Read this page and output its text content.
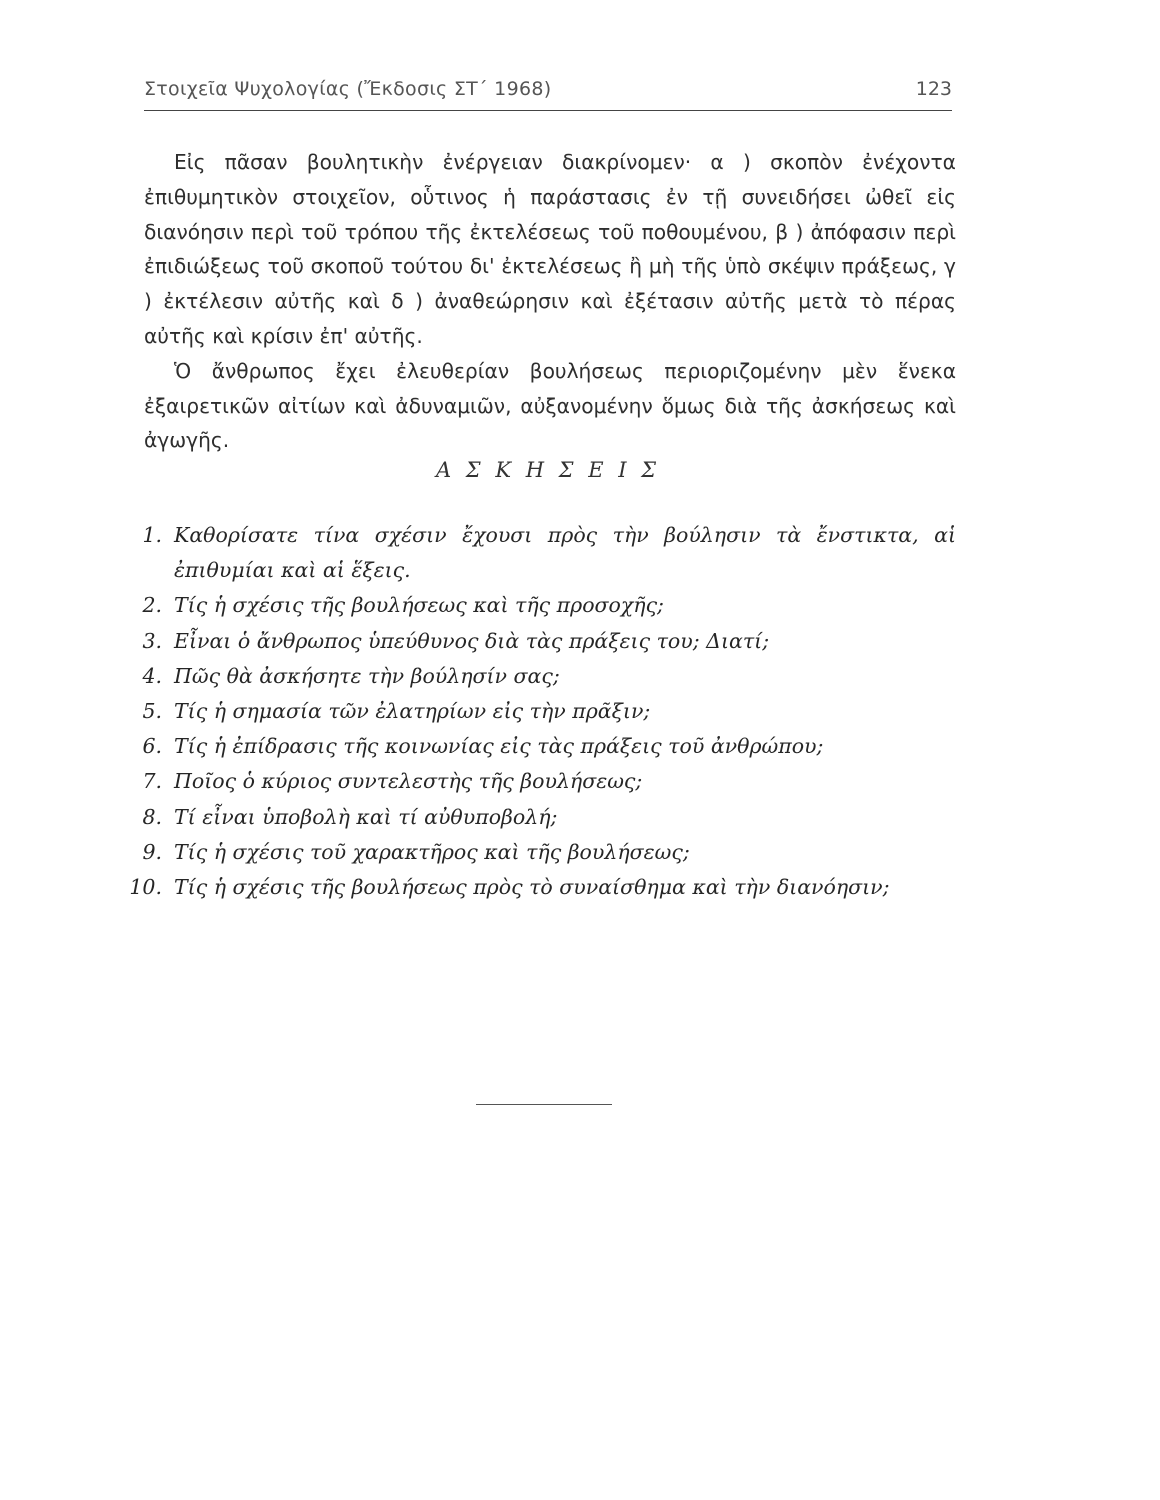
Στοιχεῖα Ψυχολογίας (Ἔκδοσις ΣΤ΄ 1968)	123

Εἰς πᾶσαν βουλητικὴν ἐνέργειαν διακρίνομεν· α ) σκοπὸν ἐνέχοντα ἐπιθυμητικὸν στοιχεῖον, οὗτινος ἡ παράστασις ἐν τῇ συνειδήσει ὠθεῖ εἰς διανόησιν περὶ τοῦ τρόπου τῆς ἐκτελέσεως τοῦ ποθουμένου, β ) ἀπόφασιν περὶ ἐπιδιώξεως τοῦ σκοποῦ τούτου δι' ἐκτελέσεως ἢ μὴ τῆς ὑπὸ σκέψιν πράξεως, γ ) ἐκτέλεσιν αὐτῆς καὶ δ ) ἀναθεώρησιν καὶ ἐξέτασιν αὐτῆς μετὰ τὸ πέρας αὐτῆς καὶ κρίσιν ἐπ' αὐτῆς.

Ὁ ἄνθρωπος ἔχει ἐλευθερίαν βουλήσεως περιοριζομένην μὲν ἕνεκα ἐξαιρετικῶν αἰτίων καὶ ἀδυναμιῶν, αὐξανομένην ὅμως διὰ τῆς ἀσκήσεως καὶ ἀγωγῆς.

Α Σ Κ Η Σ Ε Ι Σ
1. Καθορίσατε τίνα σχέσιν ἔχουσι πρὸς τὴν βούλησιν τὰ ἔνστικτα, αἱ ἐπιθυμίαι καὶ αἱ ἕξεις.
2. Τίς ἡ σχέσις τῆς βουλήσεως καὶ τῆς προσοχῆς;
3. Εἶναι ὁ ἄνθρωπος ὑπεύθυνος διὰ τὰς πράξεις του; Διατί;
4. Πῶς θὰ ἀσκήσητε τὴν βούλησίν σας;
5. Τίς ἡ σημασία τῶν ἐλατηρίων εἰς τὴν πρᾶξιν;
6. Τίς ἡ ἐπίδρασις τῆς κοινωνίας εἰς τὰς πράξεις τοῦ ἀνθρώπου;
7. Ποῖος ὁ κύριος συντελεστὴς τῆς βουλήσεως;
8. Τί εἶναι ὑποβολὴ καὶ τί αὐθυποβολή;
9. Τίς ἡ σχέσις τοῦ χαρακτῆρος καὶ τῆς βουλήσεως;
10. Τίς ἡ σχέσις τῆς βουλήσεως πρὸς τὸ συναίσθημα καὶ τὴν διανόησιν;
